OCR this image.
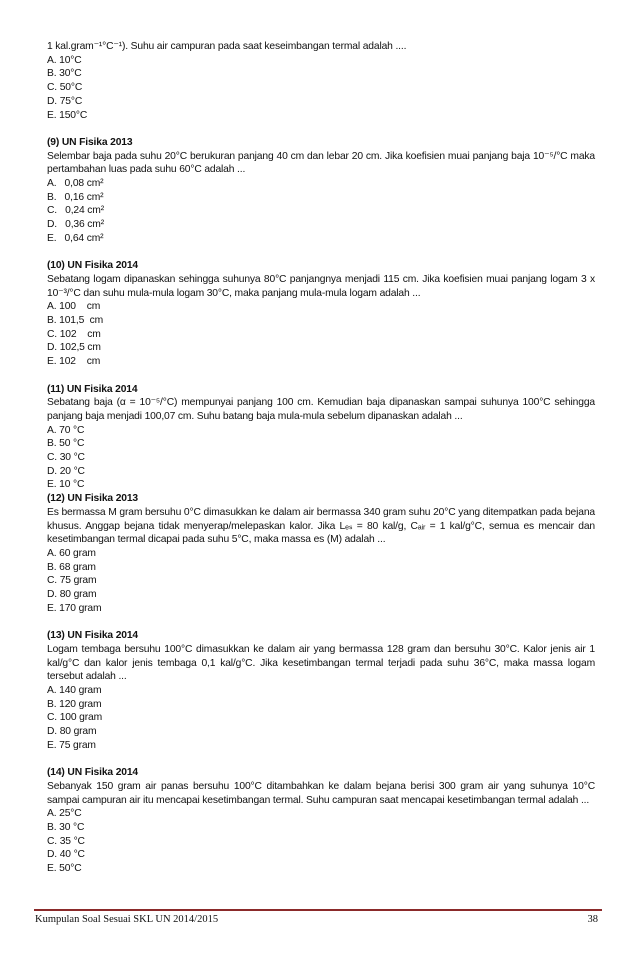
1 kal.gram⁻¹°C⁻¹). Suhu air campuran pada saat keseimbangan termal adalah ....

A. 10°C

B. 30°C

C. 50°C

D. 75°C

E. 150°C

(9) UN Fisika 2013

Selembar baja pada suhu 20°C berukuran panjang 40 cm dan lebar 20 cm. Jika koefisien muai panjang baja 10⁻⁵/°C maka pertambahan luas pada suhu 60°C adalah ...

A.   0,08 cm²

B.   0,16 cm²

C.   0,24 cm²

D.   0,36 cm²

E.   0,64 cm²

(10) UN Fisika 2014

Sebatang logam dipanaskan sehingga suhunya 80°C panjangnya menjadi 115 cm. Jika koefisien muai panjang logam 3 x 10⁻³/°C dan suhu mula-mula logam 30°C, maka panjang mula-mula logam adalah ...

A. 100    cm

B. 101,5  cm

C. 102    cm

D. 102,5 cm

E. 102    cm

(11) UN Fisika 2014

Sebatang baja (α = 10⁻⁵/°C) mempunyai panjang 100 cm. Kemudian baja dipanaskan sampai suhunya 100°C sehingga panjang baja menjadi 100,07 cm. Suhu batang baja mula-mula sebelum dipanaskan adalah ...

A. 70 °C

B. 50 °C

C. 30 °C

D. 20 °C

E. 10 °C

(12) UN Fisika 2013

Es bermassa M gram bersuhu 0°C dimasukkan ke dalam air bermassa 340 gram suhu 20°C yang ditempatkan pada bejana khusus. Anggap bejana tidak menyerap/melepaskan kalor. Jika Lₑₛ = 80 kal/g, Cₐᵢᵣ = 1 kal/g°C, semua es mencair dan kesetimbangan termal dicapai pada suhu 5°C, maka massa es (M) adalah ...

A. 60 gram

B. 68 gram

C. 75 gram

D. 80 gram

E. 170 gram

(13) UN Fisika 2014

Logam tembaga bersuhu 100°C dimasukkan ke dalam air yang bermassa 128 gram dan bersuhu 30°C. Kalor jenis air 1 kal/g°C dan kalor jenis tembaga 0,1 kal/g°C. Jika kesetimbangan termal terjadi pada suhu 36°C, maka massa logam tersebut adalah ...

A. 140 gram

B. 120 gram

C. 100 gram

D. 80 gram

E. 75 gram

(14) UN Fisika 2014

Sebanyak 150 gram air panas bersuhu 100°C ditambahkan ke dalam bejana berisi 300 gram air yang suhunya 10°C sampai campuran air itu mencapai kesetimbangan termal. Suhu campuran saat mencapai kesetimbangan termal adalah ...

A. 25°C

B. 30 °C

C. 35 °C

D. 40 °C

E. 50°C

Kumpulan Soal Sesuai SKL UN 2014/2015	38
